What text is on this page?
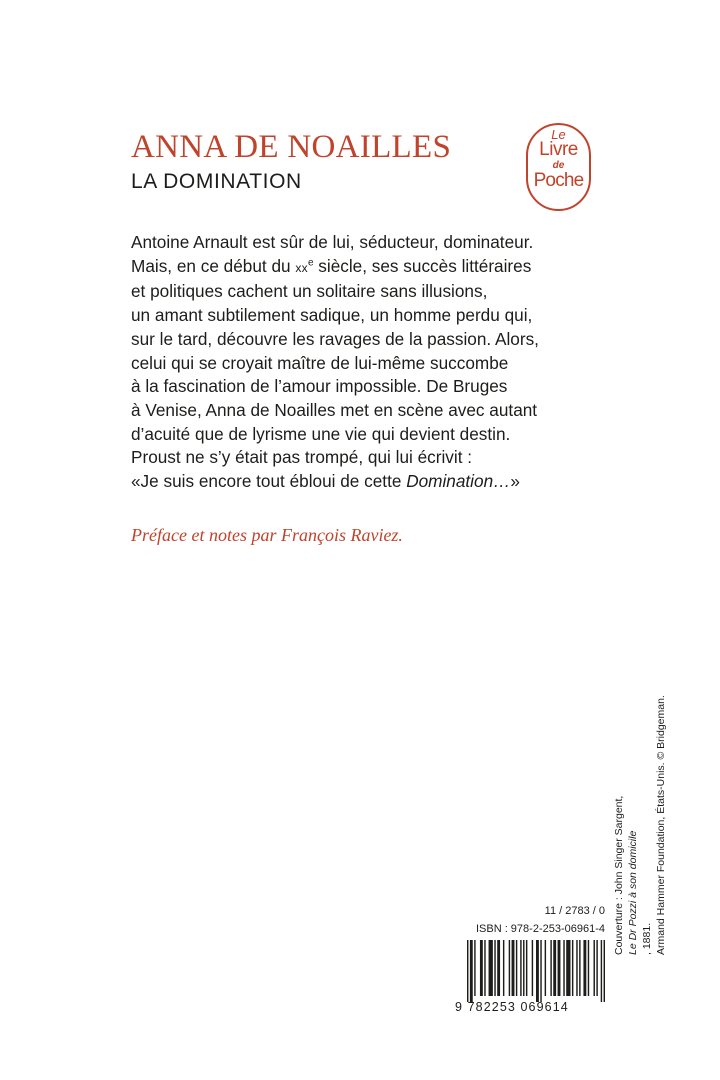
ANNA DE NOAILLES
LA DOMINATION
Le
Livre
de
Poche
Antoine Arnault est sûr de lui, séducteur, dominateur.
Mais, en ce début du $xx^e$ siècle, ses succès littéraires
et politiques cachent un solitaire sans illusions,
un amant subtilement sadique, un homme perdu qui,
sur le tard, découvre les ravages de la passion. Alors,
celui qui se croyait maître de lui-même succombe
à la fascination de l’amour impossible. De Bruges
à Venise, Anna de Noailles met en scène avec autant
d’acuité que de lyrisme une vie qui devient destin.
Proust ne s’y était pas trompé, qui lui écrivit :
«Je suis encore tout ébloui de cette Domination…»
Préface et notes par François Raviez.
Couverture : John Singer Sargent, Le Dr Pozzi à son domicile , 1881. Armand Hammer Foundation, États-Unis. © Bridgeman.
11 / 2783 / 0
ISBN : 978-2-253-06961-4
9 782253 069614
